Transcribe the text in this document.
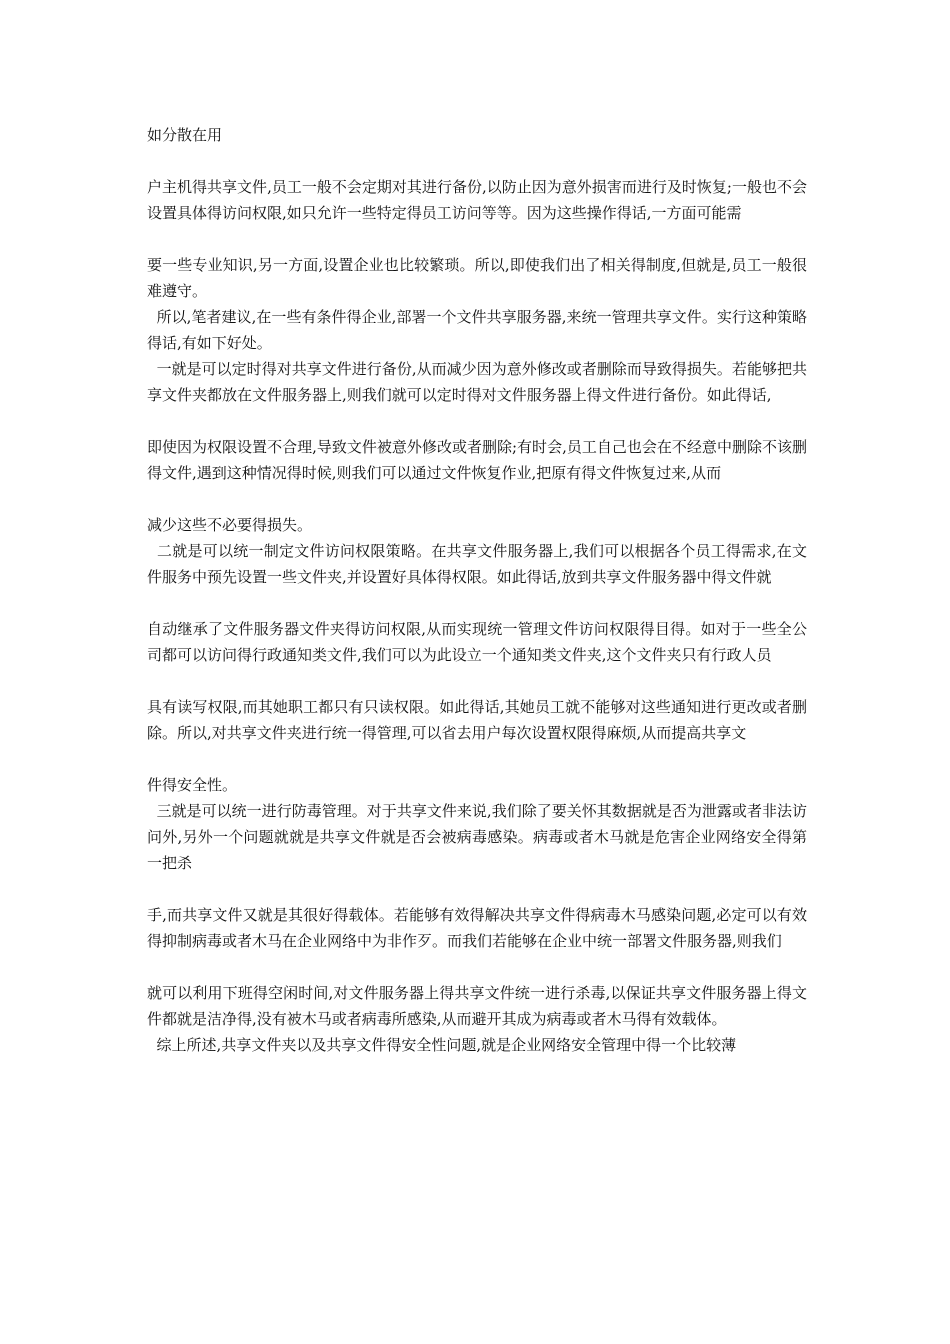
如分散在用

户主机得共享文件,员工一般不会定期对其进行备份,以防止因为意外损害而进行及时恢复;一般也不会设置具体得访问权限,如只允许一些特定得员工访问等等。因为这些操作得话,一方面可能需

要一些专业知识,另一方面,设置企业也比较繁琐。所以,即使我们出了相关得制度,但就是,员工一般很难遵守。

所以,笔者建议,在一些有条件得企业,部署一个文件共享服务器,来统一管理共享文件。实行这种策略得话,有如下好处。

一就是可以定时得对共享文件进行备份,从而减少因为意外修改或者删除而导致得损失。若能够把共享文件夹都放在文件服务器上,则我们就可以定时得对文件服务器上得文件进行备份。如此得话,

即使因为权限设置不合理,导致文件被意外修改或者删除;有时会,员工自己也会在不经意中删除不该删得文件,遇到这种情况得时候,则我们可以通过文件恢复作业,把原有得文件恢复过来,从而

减少这些不必要得损失。

二就是可以统一制定文件访问权限策略。在共享文件服务器上,我们可以根据各个员工得需求,在文件服务中预先设置一些文件夹,并设置好具体得权限。如此得话,放到共享文件服务器中得文件就

自动继承了文件服务器文件夹得访问权限,从而实现统一管理文件访问权限得目得。如对于一些全公司都可以访问得行政通知类文件,我们可以为此设立一个通知类文件夹,这个文件夹只有行政人员

具有读写权限,而其她职工都只有只读权限。如此得话,其她员工就不能够对这些通知进行更改或者删除。所以,对共享文件夹进行统一得管理,可以省去用户每次设置权限得麻烦,从而提高共享文

件得安全性。

三就是可以统一进行防毒管理。对于共享文件来说,我们除了要关怀其数据就是否为泄露或者非法访问外,另外一个问题就就是共享文件就是否会被病毒感染。病毒或者木马就是危害企业网络安全得第一把杀

手,而共享文件又就是其很好得载体。若能够有效得解决共享文件得病毒木马感染问题,必定可以有效得抑制病毒或者木马在企业网络中为非作歹。而我们若能够在企业中统一部署文件服务器,则我们

就可以利用下班得空闲时间,对文件服务器上得共享文件统一进行杀毒,以保证共享文件服务器上得文件都就是洁净得,没有被木马或者病毒所感染,从而避开其成为病毒或者木马得有效载体。

综上所述,共享文件夹以及共享文件得安全性问题,就是企业网络安全管理中得一个比较薄
